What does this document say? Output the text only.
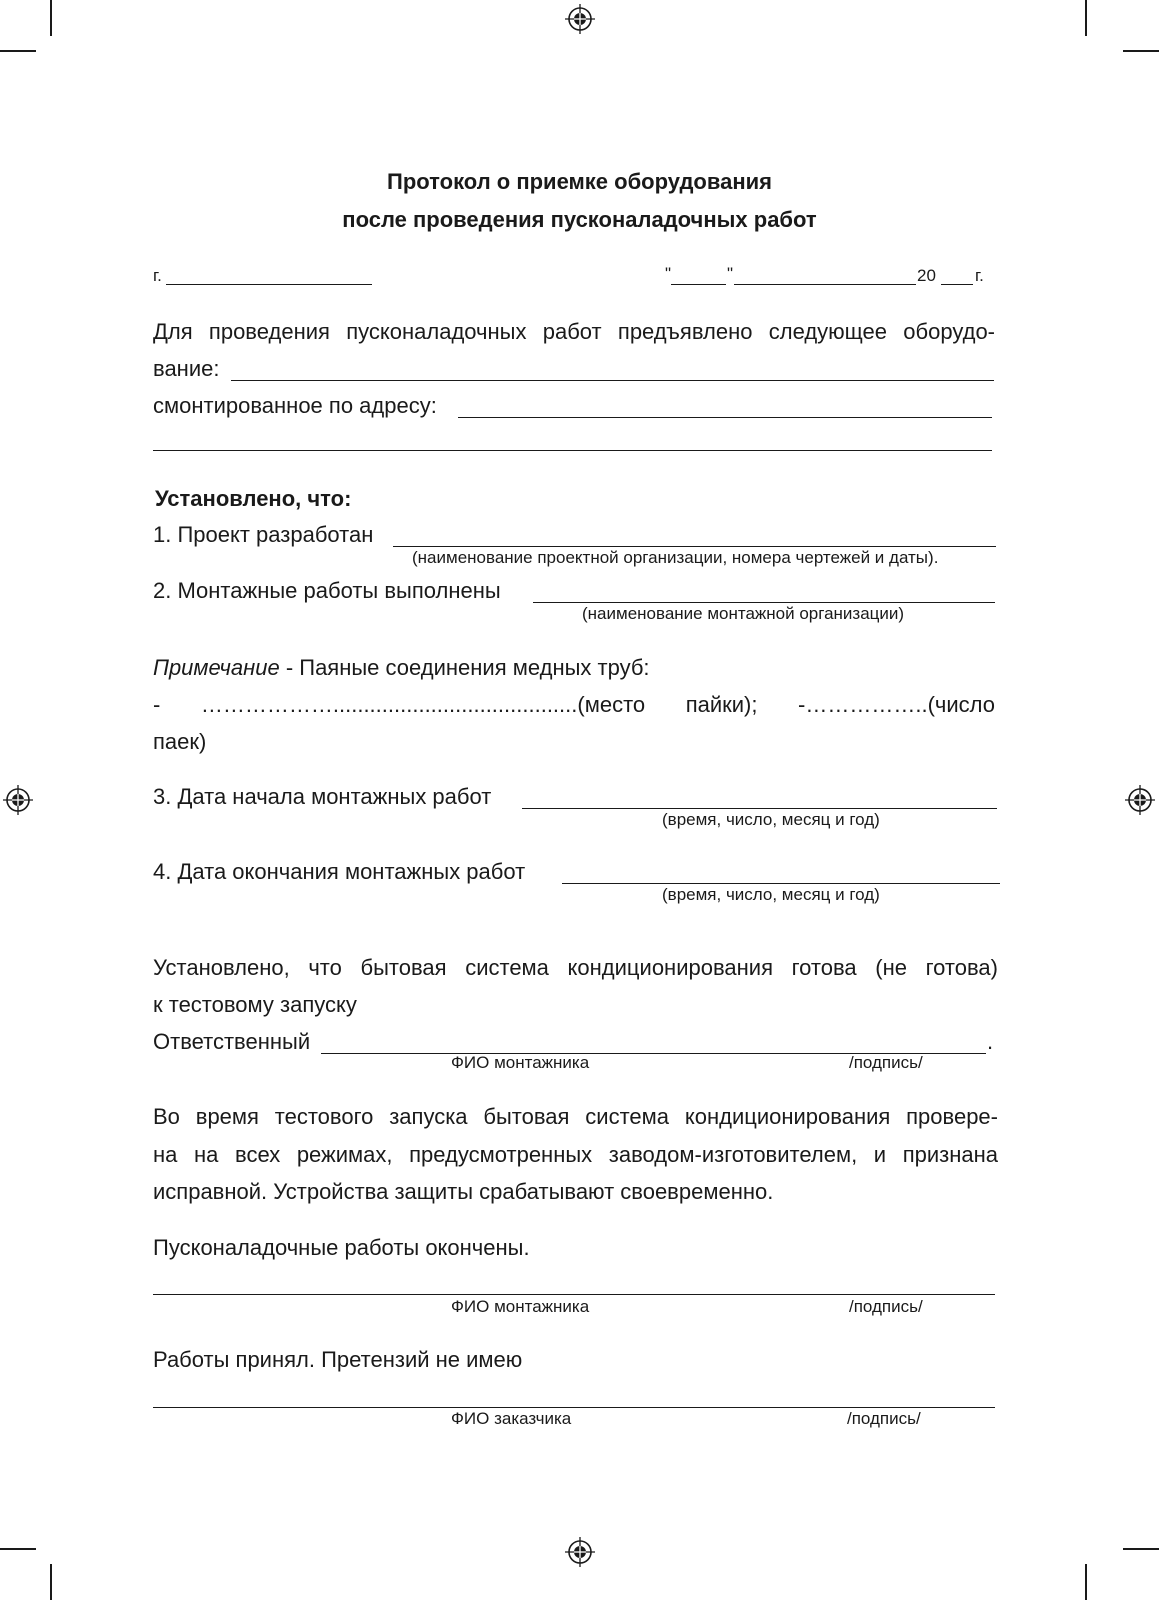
Протокол о приемке оборудования
после проведения пусконаладочных работ
г.	"	"	20 г.
Для проведения пусконаладочных работ предъявлено следующее оборудо-
вание:
смонтированное по адресу:
Установлено, что:
1. Проект разработан
(наименование проектной организации, номера чертежей и даты).
2. Монтажные работы выполнены
(наименование монтажной организации)
Примечание - Паяные соединения медных труб:
- ………………........................................(место пайки); -……………..(число
паек)
3. Дата начала монтажных работ
(время, число, месяц и год)
4. Дата окончания монтажных работ
(время, число, месяц и год)
Установлено, что бытовая система кондиционирования готова (не готова)
к тестовому запуску
Ответственный	.
ФИО монтажника	/подпись/
Во время тестового запуска бытовая система кондиционирования провере-
на на всех режимах, предусмотренных заводом-изготовителем, и признана
исправной. Устройства защиты срабатывают своевременно.
Пусконаладочные работы окончены.
ФИО монтажника	/подпись/
Работы принял. Претензий не имею
ФИО заказчика	/подпись/
